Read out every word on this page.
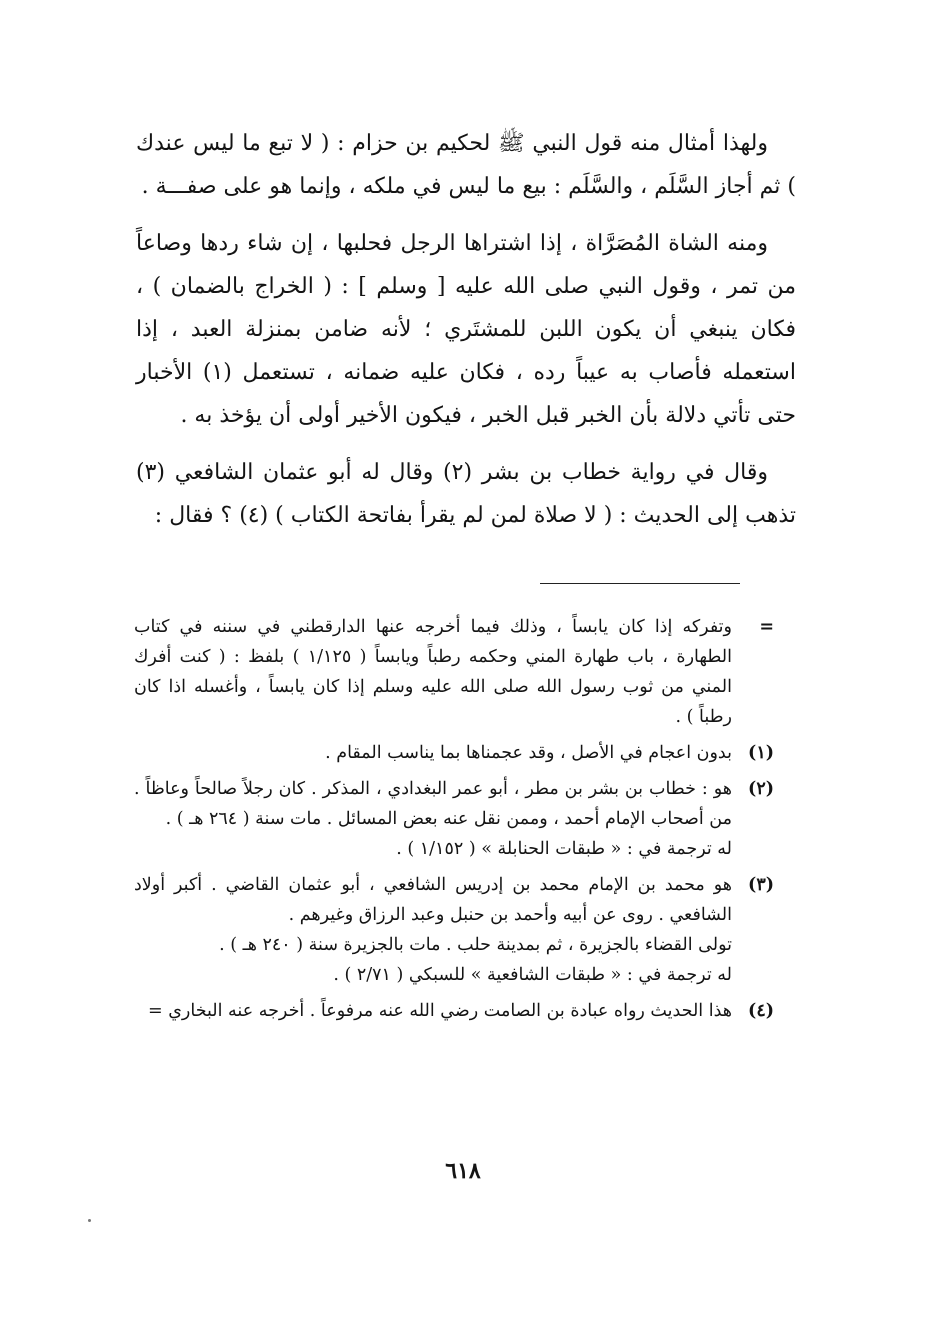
ولهذا أمثال منه قول النبي ﷺ لحكيم بن حزام : ( لا تبع ما ليس عندك ) ثم أجاز السَّلَم ، والسَّلَم : بيع ما ليس في ملكه ، وإنما هو على صفـــة .

ومنه الشاة المُصَرَّاة ، إذا اشتراها الرجل فحلبها ، إن شاء ردها وصاعاً من تمر ، وقول النبي صلى الله عليه [ وسلم ] : ( الخراج بالضمان ) ، فكان ينبغي أن يكون اللبن للمشتَري ؛ لأنه ضامن بمنزلة العبد ، إذا استعمله فأصاب به عيباً رده ، فكان عليه ضمانه ، تستعمل (١) الأخبار حتى تأتي دلالة بأن الخبر قبل الخبر ، فيكون الأخير أولى أن يؤخذ به .

وقال في رواية خطاب بن بشر (٢) وقال له أبو عثمان الشافعي (٣) تذهب إلى الحديث : ( لا صلاة لمن لم يقرأ بفاتحة الكتاب ) (٤) ؟ فقال :

=
وتفركه إذا كان يابساً ، وذلك فيما أخرجه عنها الدارقطني في سننه في كتاب الطهارة ، باب طهارة المني وحكمه رطباً ويابساً ( ١/١٢٥ ) بلفظ : ( كنت أفرك المني من ثوب رسول الله صلى الله عليه وسلم إذا كان يابساً ، وأغسله اذا كان رطباً ) .
(١)
بدون اعجام في الأصل ، وقد عجمناها بما يناسب المقام .
(٢)
هو : خطاب بن بشر بن مطر ، أبو عمر البغدادي ، المذكر . كان رجلاً صالحاً وعاظاً . من أصحاب الإمام أحمد ، وممن نقل عنه بعض المسائل . مات سنة ( ٢٦٤ هـ ) .
له ترجمة في : « طبقات الحنابلة » ( ١/١٥٢ ) .
(٣)
هو محمد بن الإمام محمد بن إدريس الشافعي ، أبو عثمان القاضي . أكبر أولاد الشافعي . روى عن أبيه وأحمد بن حنبل وعبد الرزاق وغيرهم .
تولى القضاء بالجزيرة ، ثم بمدينة حلب . مات بالجزيرة سنة ( ٢٤٠ هـ ) .
له ترجمة في : « طبقات الشافعية » للسبكي ( ٢/٧١ ) .
(٤)
هذا الحديث رواه عبادة بن الصامت رضي الله عنه مرفوعاً . أخرجه عنه البخاري =
٦١٨
